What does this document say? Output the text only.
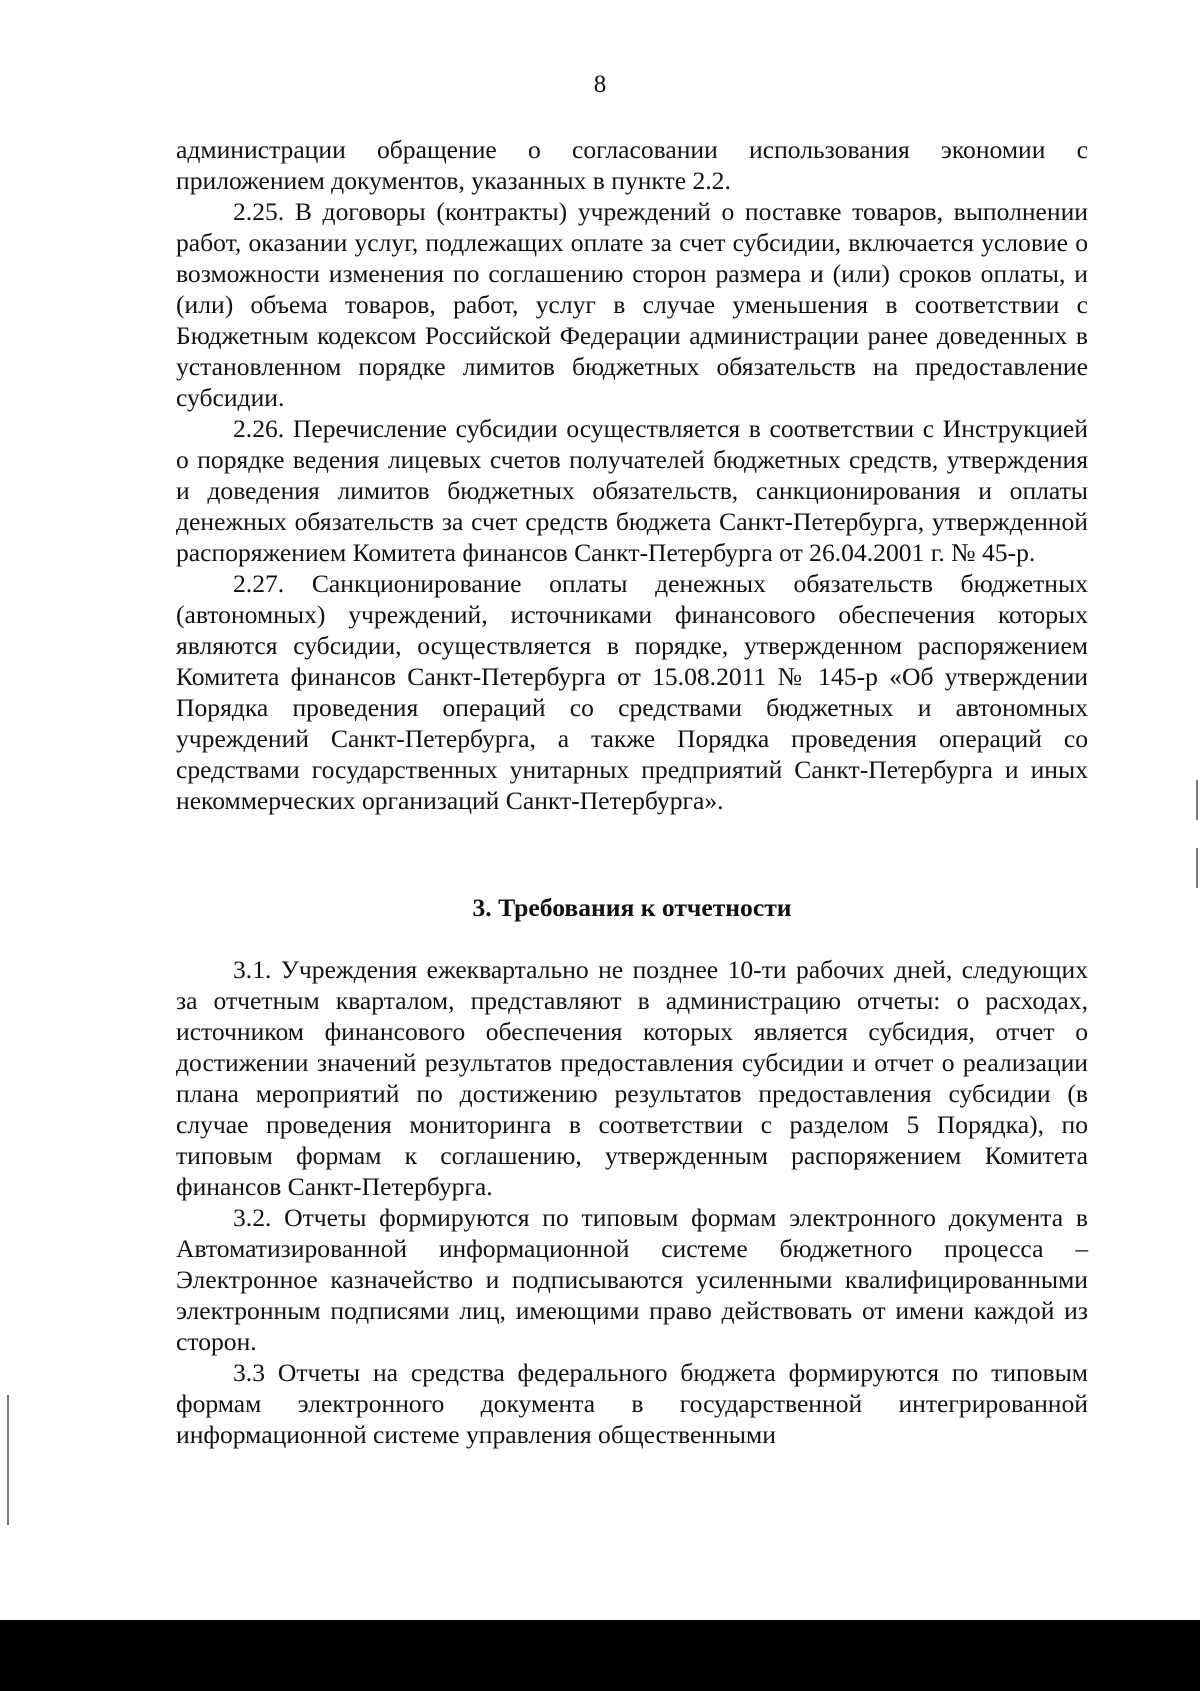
8

администрации обращение о согласовании использования экономии с приложением документов, указанных в пункте 2.2.

2.25. В договоры (контракты) учреждений о поставке товаров, выполнении работ, оказании услуг, подлежащих оплате за счет субсидии, включается условие о возможности изменения по соглашению сторон размера и (или) сроков оплаты, и (или) объема товаров, работ, услуг в случае уменьшения в соответствии с Бюджетным кодексом Российской Федерации администрации ранее доведенных в установленном порядке лимитов бюджетных обязательств на предоставление субсидии.

2.26. Перечисление субсидии осуществляется в соответствии с Инструкцией о порядке ведения лицевых счетов получателей бюджетных средств, утверждения и доведения лимитов бюджетных обязательств, санкционирования и оплаты денежных обязательств за счет средств бюджета Санкт-Петербурга, утвержденной распоряжением Комитета финансов Санкт-Петербурга от 26.04.2001 г. № 45-р.

2.27. Санкционирование оплаты денежных обязательств бюджетных (автономных) учреждений, источниками финансового обеспечения которых являются субсидии, осуществляется в порядке, утвержденном распоряжением Комитета финансов Санкт-Петербурга от 15.08.2011 № 145-р «Об утверждении Порядка проведения операций со средствами бюджетных и автономных учреждений Санкт-Петербурга, а также Порядка проведения операций со средствами государственных унитарных предприятий Санкт-Петербурга и иных некоммерческих организаций Санкт-Петербурга».

3. Требования к отчетности

3.1. Учреждения ежеквартально не позднее 10-ти рабочих дней, следующих за отчетным кварталом, представляют в администрацию отчеты: о расходах, источником финансового обеспечения которых является субсидия, отчет о достижении значений результатов предоставления субсидии и отчет о реализации плана мероприятий по достижению результатов предоставления субсидии (в случае проведения мониторинга в соответствии с разделом 5 Порядка), по типовым формам к соглашению, утвержденным распоряжением Комитета финансов Санкт-Петербурга.

3.2. Отчеты формируются по типовым формам электронного документа в Автоматизированной информационной системе бюджетного процесса – Электронное казначейство и подписываются усиленными квалифицированными электронным подписями лиц, имеющими право действовать от имени каждой из сторон.

3.3 Отчеты на средства федерального бюджета формируются по типовым формам электронного документа в государственной интегрированной информационной системе управления общественными
